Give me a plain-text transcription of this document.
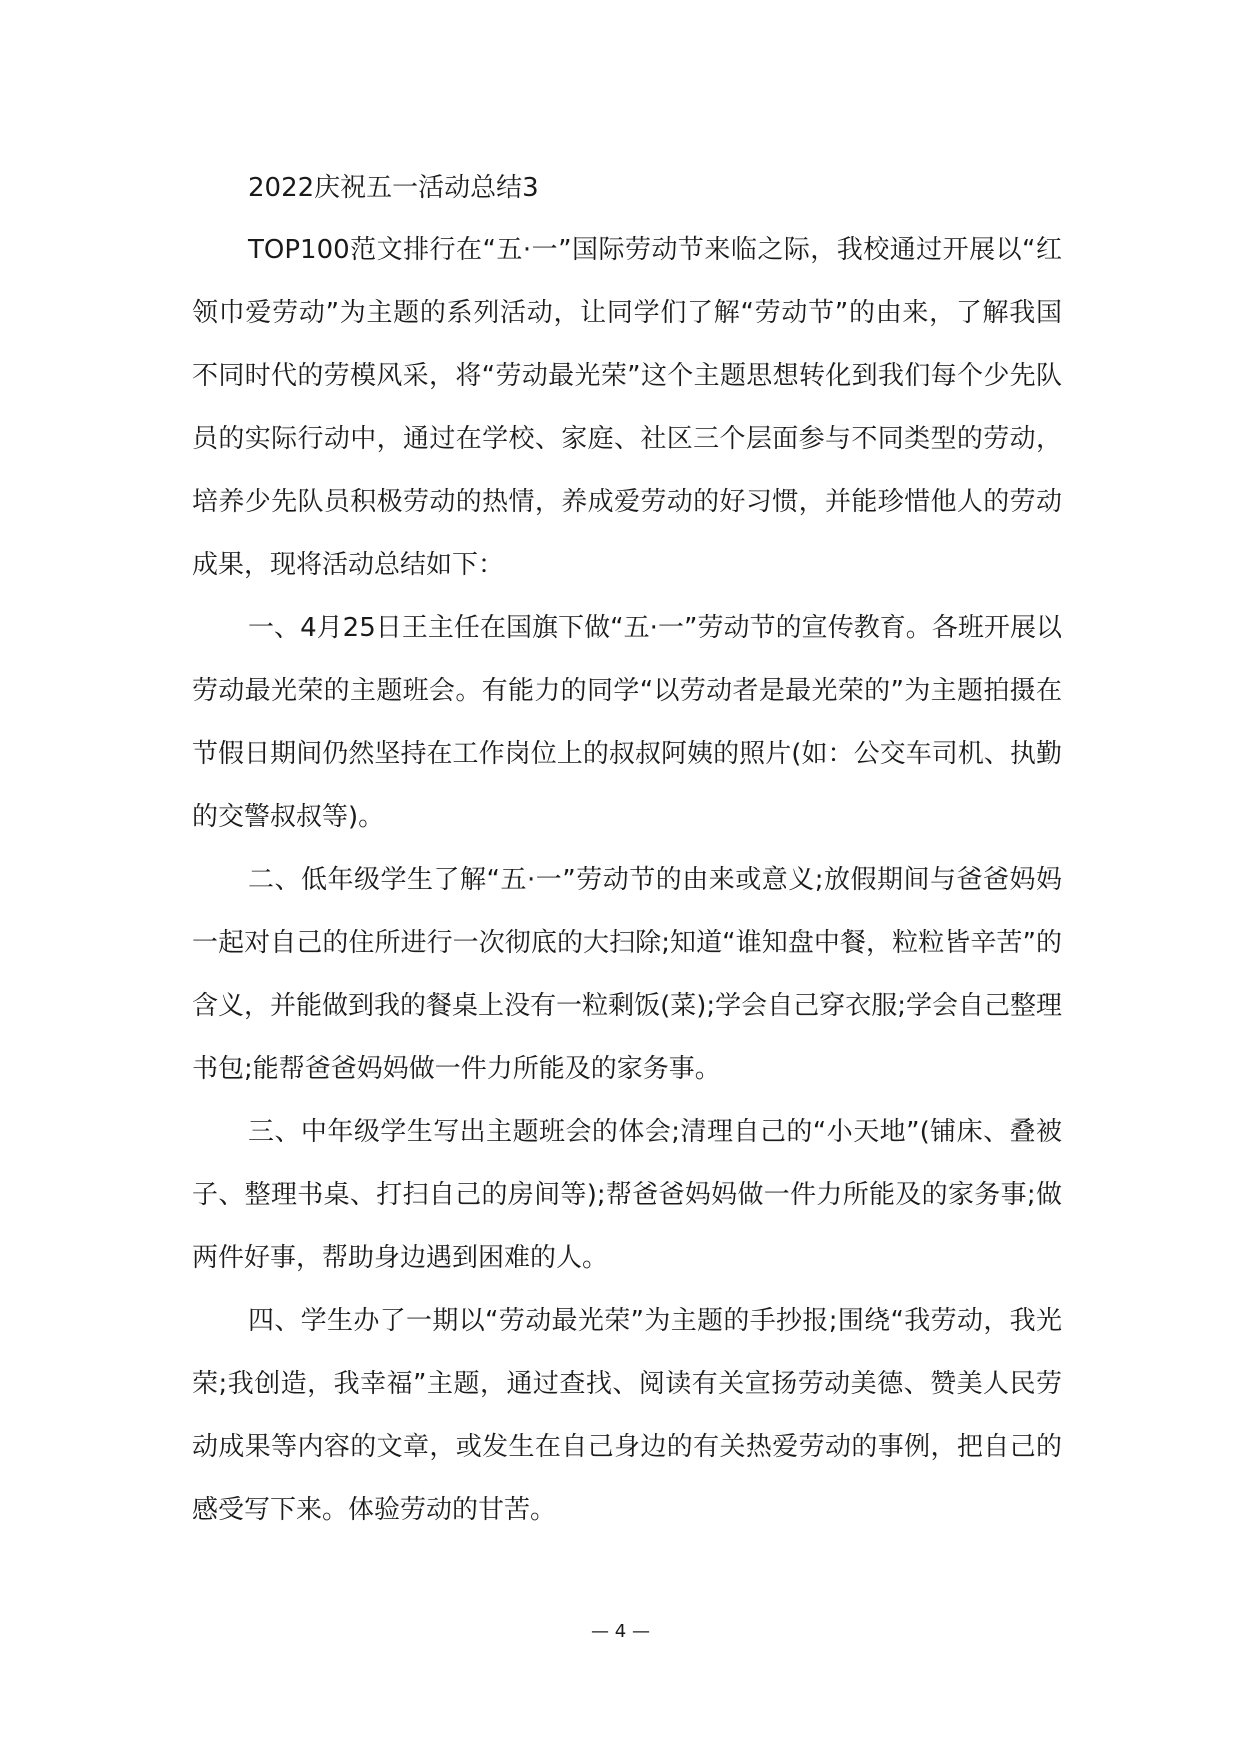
2022庆祝五一活动总结3

TOP100范文排行在“五·一”国际劳动节来临之际，我校通过开展以“红领巾爱劳动”为主题的系列活动，让同学们了解“劳动节”的由来，了解我国不同时代的劳模风采，将“劳动最光荣”这个主题思想转化到我们每个少先队员的实际行动中，通过在学校、家庭、社区三个层面参与不同类型的劳动，培养少先队员积极劳动的热情，养成爱劳动的好习惯，并能珍惜他人的劳动成果，现将活动总结如下：

一、4月25日王主任在国旗下做“五·一”劳动节的宣传教育。各班开展以劳动最光荣的主题班会。有能力的同学“以劳动者是最光荣的”为主题拍摄在节假日期间仍然坚持在工作岗位上的叔叔阿姨的照片(如：公交车司机、执勤的交警叔叔等)。

二、低年级学生了解“五·一”劳动节的由来或意义;放假期间与爸爸妈妈一起对自己的住所进行一次彻底的大扫除;知道“谁知盘中餐，粒粒皆辛苦”的含义，并能做到我的餐桌上没有一粒剩饭(菜);学会自己穿衣服;学会自己整理书包;能帮爸爸妈妈做一件力所能及的家务事。

三、中年级学生写出主题班会的体会;清理自己的“小天地”(铺床、叠被子、整理书桌、打扫自己的房间等);帮爸爸妈妈做一件力所能及的家务事;做两件好事，帮助身边遇到困难的人。

四、学生办了一期以“劳动最光荣”为主题的手抄报;围绕“我劳动，我光荣;我创造，我幸福”主题，通过查找、阅读有关宣扬劳动美德、赞美人民劳动成果等内容的文章，或发生在自己身边的有关热爱劳动的事例，把自己的感受写下来。体验劳动的甘苦。

— 4 —
